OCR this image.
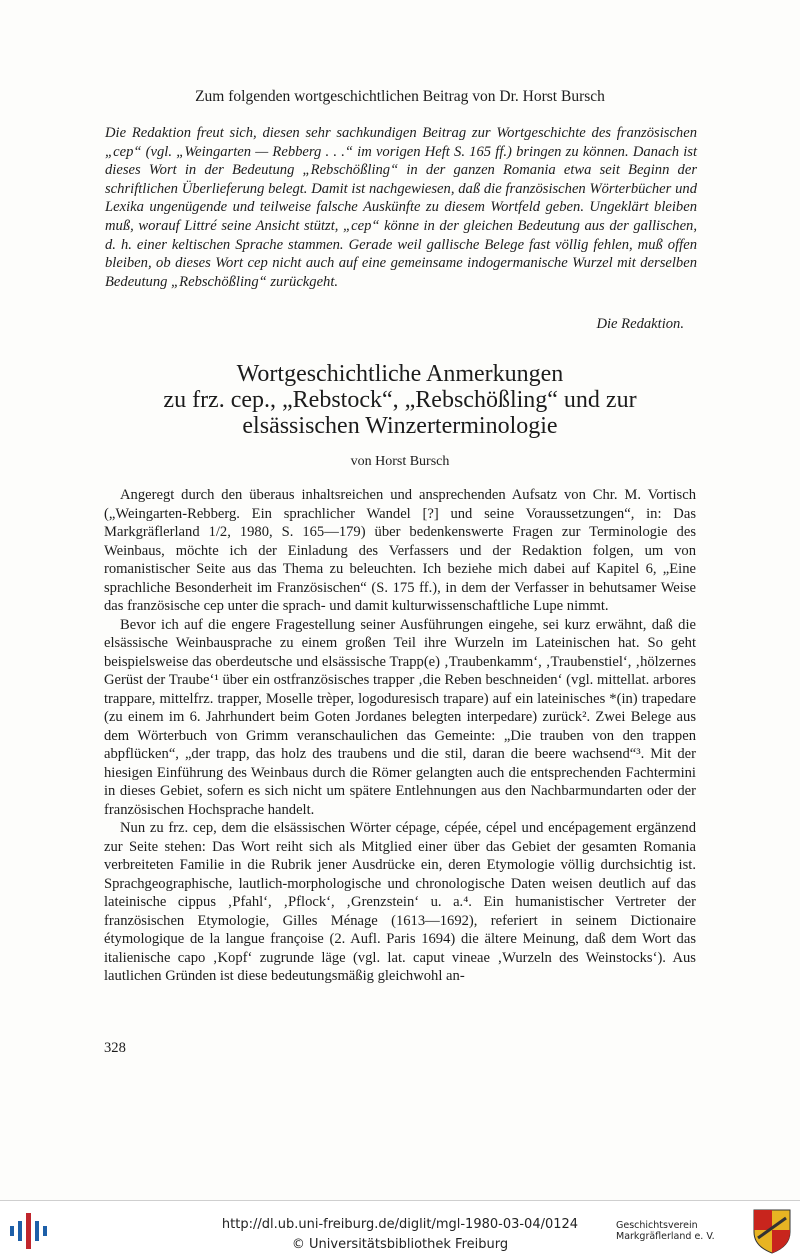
Zum folgenden wortgeschichtlichen Beitrag von Dr. Horst Bursch
Die Redaktion freut sich, diesen sehr sachkundigen Beitrag zur Wortgeschichte des französischen „cep“ (vgl. „Weingarten — Rebberg . . .“ im vorigen Heft S. 165 ff.) bringen zu können. Danach ist dieses Wort in der Bedeutung „Rebschößling“ in der ganzen Romania etwa seit Beginn der schriftlichen Überlieferung belegt. Damit ist nachgewiesen, daß die französischen Wörterbücher und Lexika ungenügende und teilweise falsche Auskünfte zu diesem Wortfeld geben. Ungeklärt bleiben muß, worauf Littré seine Ansicht stützt, „cep“ könne in der gleichen Bedeutung aus der gallischen, d. h. einer keltischen Sprache stammen. Gerade weil gallische Belege fast völlig fehlen, muß offen bleiben, ob dieses Wort cep nicht auch auf eine gemeinsame indogermanische Wurzel mit derselben Bedeutung „Rebschößling“ zurückgeht.
Die Redaktion.
Wortgeschichtliche Anmerkungen
zu frz. cep., „Rebstock“, „Rebschößling“ und zur
elsässischen Winzerterminologie
von Horst Bursch

Angeregt durch den überaus inhaltsreichen und ansprechenden Aufsatz von Chr. M. Vortisch („Weingarten-Rebberg. Ein sprachlicher Wandel [?] und seine Voraussetzungen“, in: Das Markgräflerland 1/2, 1980, S. 165—179) über bedenkenswerte Fragen zur Terminologie des Weinbaus, möchte ich der Einladung des Verfassers und der Redaktion folgen, um von romanistischer Seite aus das Thema zu beleuchten. Ich beziehe mich dabei auf Kapitel 6, „Eine sprachliche Besonderheit im Französischen“ (S. 175 ff.), in dem der Verfasser in behutsamer Weise das französische cep unter die sprach- und damit kulturwissenschaftliche Lupe nimmt.

Bevor ich auf die engere Fragestellung seiner Ausführungen eingehe, sei kurz erwähnt, daß die elsässische Weinbausprache zu einem großen Teil ihre Wurzeln im Lateinischen hat. So geht beispielsweise das oberdeutsche und elsässische Trapp(e) ‚Traubenkamm‘, ‚Traubenstiel‘, ‚hölzernes Gerüst der Traube‘¹ über ein ostfranzösisches trapper ‚die Reben beschneiden‘ (vgl. mittellat. arbores trappare, mittelfrz. trapper, Moselle trèper, logoduresisch trapare) auf ein lateinisches *(in) trapedare (zu einem im 6. Jahrhundert beim Goten Jordanes belegten interpedare) zurück². Zwei Belege aus dem Wörterbuch von Grimm veranschaulichen das Gemeinte: „Die trauben von den trappen abpflücken“, „der trapp, das holz des traubens und die stil, daran die beere wachsend“³. Mit der hiesigen Einführung des Weinbaus durch die Römer gelangten auch die entsprechenden Fachtermini in dieses Gebiet, sofern es sich nicht um spätere Entlehnungen aus den Nachbarmundarten oder der französischen Hochsprache handelt.

Nun zu frz. cep, dem die elsässischen Wörter cépage, cépée, cépel und encépagement ergänzend zur Seite stehen: Das Wort reiht sich als Mitglied einer über das Gebiet der gesamten Romania verbreiteten Familie in die Rubrik jener Ausdrücke ein, deren Etymologie völlig durchsichtig ist. Sprachgeographische, lautlich-morphologische und chronologische Daten weisen deutlich auf das lateinische cippus ‚Pfahl‘, ‚Pflock‘, ‚Grenzstein‘ u. a.⁴. Ein humanistischer Vertreter der französischen Etymologie, Gilles Ménage (1613—1692), referiert in seinem Dictionaire étymologique de la langue françoise (2. Aufl. Paris 1694) die ältere Meinung, daß dem Wort das italienische capo ‚Kopf‘ zugrunde läge (vgl. lat. caput vineae ‚Wurzeln des Weinstocks‘). Aus lautlichen Gründen ist diese bedeutungsmäßig gleichwohl an-

328
http://dl.ub.uni-freiburg.de/diglit/mgl-1980-03-04/0124
© Universitätsbibliothek Freiburg
Geschichtsverein
Markgräflerland e. V.
